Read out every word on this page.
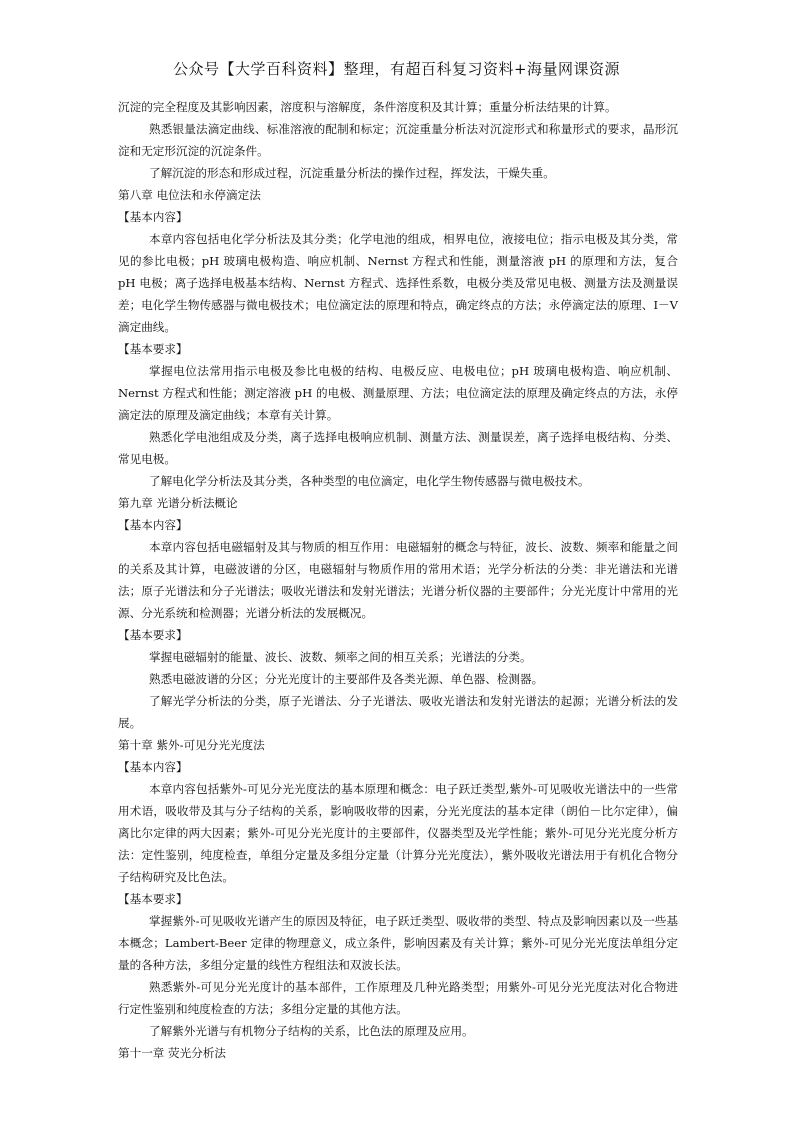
公众号【大学百科资料】整理，有超百科复习资料+海量网课资源
沉淀的完全程度及其影响因素，溶度积与溶解度，条件溶度积及其计算；重量分析法结果的计算。
熟悉银量法滴定曲线、标准溶液的配制和标定；沉淀重量分析法对沉淀形式和称量形式的要求，晶形沉淀和无定形沉淀的沉淀条件。
了解沉淀的形态和形成过程，沉淀重量分析法的操作过程，挥发法，干燥失重。
第八章 电位法和永停滴定法
【基本内容】
本章内容包括电化学分析法及其分类；化学电池的组成，相界电位，液接电位；指示电极及其分类，常见的参比电极；pH 玻璃电极构造、响应机制、Nernst 方程式和性能，测量溶液 pH 的原理和方法，复合 pH 电极；离子选择电极基本结构、Nernst 方程式、选择性系数，电极分类及常见电极、测量方法及测量误差；电化学生物传感器与微电极技术；电位滴定法的原理和特点，确定终点的方法；永停滴定法的原理、I－V 滴定曲线。
【基本要求】
掌握电位法常用指示电极及参比电极的结构、电极反应、电极电位；pH 玻璃电极构造、响应机制、Nernst 方程式和性能；测定溶液 pH 的电极、测量原理、方法；电位滴定法的原理及确定终点的方法，永停滴定法的原理及滴定曲线；本章有关计算。
熟悉化学电池组成及分类，离子选择电极响应机制、测量方法、测量误差，离子选择电极结构、分类、常见电极。
了解电化学分析法及其分类，各种类型的电位滴定，电化学生物传感器与微电极技术。
第九章 光谱分析法概论
【基本内容】
本章内容包括电磁辐射及其与物质的相互作用：电磁辐射的概念与特征，波长、波数、频率和能量之间的关系及其计算，电磁波谱的分区，电磁辐射与物质作用的常用术语；光学分析法的分类：非光谱法和光谱法；原子光谱法和分子光谱法；吸收光谱法和发射光谱法；光谱分析仪器的主要部件；分光光度计中常用的光源、分光系统和检测器；光谱分析法的发展概况。
【基本要求】
掌握电磁辐射的能量、波长、波数、频率之间的相互关系；光谱法的分类。
熟悉电磁波谱的分区；分光光度计的主要部件及各类光源、单色器、检测器。
了解光学分析法的分类，原子光谱法、分子光谱法、吸收光谱法和发射光谱法的起源；光谱分析法的发展。
第十章 紫外-可见分光光度法
【基本内容】
本章内容包括紫外-可见分光光度法的基本原理和概念：电子跃迁类型,紫外-可见吸收光谱法中的一些常用术语，吸收带及其与分子结构的关系，影响吸收带的因素，分光光度法的基本定律（朗伯－比尔定律），偏离比尔定律的两大因素；紫外-可见分光光度计的主要部件，仪器类型及光学性能；紫外-可见分光光度分析方法：定性鉴别，纯度检查，单组分定量及多组分定量（计算分光光度法），紫外吸收光谱法用于有机化合物分子结构研究及比色法。
【基本要求】
掌握紫外-可见吸收光谱产生的原因及特征，电子跃迁类型、吸收带的类型、特点及影响因素以及一些基本概念；Lambert-Beer 定律的物理意义，成立条件，影响因素及有关计算；紫外-可见分光光度法单组分定量的各种方法，多组分定量的线性方程组法和双波长法。
熟悉紫外-可见分光光度计的基本部件，工作原理及几种光路类型；用紫外-可见分光光度法对化合物进行定性鉴别和纯度检查的方法；多组分定量的其他方法。
了解紫外光谱与有机物分子结构的关系，比色法的原理及应用。
第十一章 荧光分析法
